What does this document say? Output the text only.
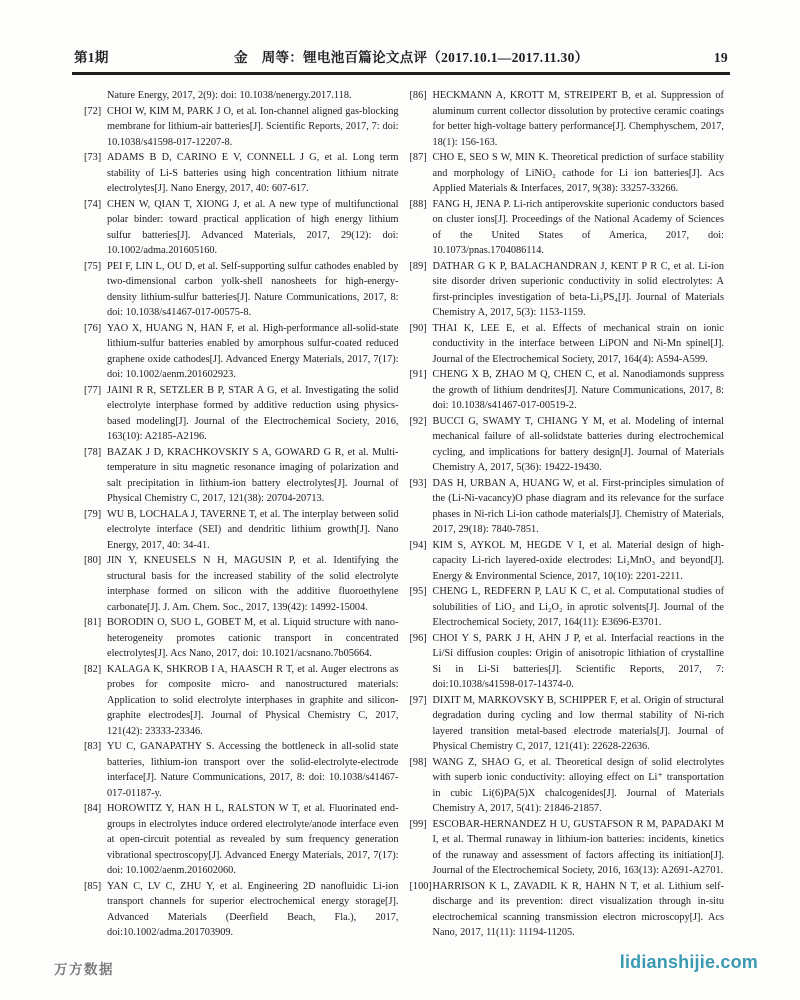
第1期	金　周等：锂电池百篇论文点评（2017.10.1—2017.11.30）	19
Nature Energy, 2017, 2(9): doi: 10.1038/nenergy.2017.118.
[72] CHOI W, KIM M, PARK J O, et al. Ion-channel aligned gas-blocking membrane for lithium-air batteries[J]. Scientific Reports, 2017, 7: doi: 10.1038/s41598-017-12207-8.
[73] ADAMS B D, CARINO E V, CONNELL J G, et al. Long term stability of Li-S batteries using high concentration lithium nitrate electrolytes[J]. Nano Energy, 2017, 40: 607-617.
[74] CHEN W, QIAN T, XIONG J, et al. A new type of multifunctional polar binder: toward practical application of high energy lithium sulfur batteries[J]. Advanced Materials, 2017, 29(12): doi: 10.1002/adma.201605160.
[75] PEI F, LIN L, OU D, et al. Self-supporting sulfur cathodes enabled by two-dimensional carbon yolk-shell nanosheets for high-energy-density lithium-sulfur batteries[J]. Nature Communications, 2017, 8: doi: 10.1038/s41467-017-00575-8.
[76] YAO X, HUANG N, HAN F, et al. High-performance all-solid-state lithium-sulfur batteries enabled by amorphous sulfur-coated reduced graphene oxide cathodes[J]. Advanced Energy Materials, 2017, 7(17): doi: 10.1002/aenm.201602923.
[77] JAINI R R, SETZLER B P, STAR A G, et al. Investigating the solid electrolyte interphase formed by additive reduction using physics-based modeling[J]. Journal of the Electrochemical Society, 2016, 163(10): A2185-A2196.
[78] BAZAK J D, KRACHKOVSKIY S A, GOWARD G R, et al. Multi-temperature in situ magnetic resonance imaging of polarization and salt precipitation in lithium-ion battery electrolytes[J]. Journal of Physical Chemistry C, 2017, 121(38): 20704-20713.
[79] WU B, LOCHALA J, TAVERNE T, et al. The interplay between solid electrolyte interface (SEI) and dendritic lithium growth[J]. Nano Energy, 2017, 40: 34-41.
[80] JIN Y, KNEUSELS N H, MAGUSIN P, et al. Identifying the structural basis for the increased stability of the solid electrolyte interphase formed on silicon with the additive fluoroethylene carbonate[J]. J. Am. Chem. Soc., 2017, 139(42): 14992-15004.
[81] BORODIN O, SUO L, GOBET M, et al. Liquid structure with nano-heterogeneity promotes cationic transport in concentrated electrolytes[J]. Acs Nano, 2017, doi: 10.1021/acsnano.7b05664.
[82] KALAGA K, SHKROB I A, HAASCH R T, et al. Auger electrons as probes for composite micro- and nanostructured materials: Application to solid electrolyte interphases in graphite and silicon-graphite electrodes[J]. Journal of Physical Chemistry C, 2017, 121(42): 23333-23346.
[83] YU C, GANAPATHY S. Accessing the bottleneck in all-solid state batteries, lithium-ion transport over the solid-electrolyte-electrode interface[J]. Nature Communications, 2017, 8: doi: 10.1038/s41467-017-01187-y.
[84] HOROWITZ Y, HAN H L, RALSTON W T, et al. Fluorinated end-groups in electrolytes induce ordered electrolyte/anode interface even at open-circuit potential as revealed by sum frequency generation vibrational spectroscopy[J]. Advanced Energy Materials, 2017, 7(17): doi: 10.1002/aenm.201602060.
[85] YAN C, LV C, ZHU Y, et al. Engineering 2D nanofluidic Li-ion transport channels for superior electrochemical energy storage[J]. Advanced Materials (Deerfield Beach, Fla.), 2017, doi:10.1002/adma.201703909.
[86] HECKMANN A, KROTT M, STREIPERT B, et al. Suppression of aluminum current collector dissolution by protective ceramic coatings for better high-voltage battery performance[J]. Chemphyschem, 2017, 18(1): 156-163.
[87] CHO E, SEO S W, MIN K. Theoretical prediction of surface stability and morphology of LiNiO₂ cathode for Li ion batteries[J]. Acs Applied Materials & Interfaces, 2017, 9(38): 33257-33266.
[88] FANG H, JENA P. Li-rich antiperovskite superionic conductors based on cluster ions[J]. Proceedings of the National Academy of Sciences of the United States of America, 2017, doi: 10.1073/pnas.1704086114.
[89] DATHAR G K P, BALACHANDRAN J, KENT P R C, et al. Li-ion site disorder driven superionic conductivity in solid electrolytes: A first-principles investigation of beta-Li₃PS₄[J]. Journal of Materials Chemistry A, 2017, 5(3): 1153-1159.
[90] THAI K, LEE E, et al. Effects of mechanical strain on ionic conductivity in the interface between LiPON and Ni-Mn spinel[J]. Journal of the Electrochemical Society, 2017, 164(4): A594-A599.
[91] CHENG X B, ZHAO M Q, CHEN C, et al. Nanodiamonds suppress the growth of lithium dendrites[J]. Nature Communications, 2017, 8: doi: 10.1038/s41467-017-00519-2.
[92] BUCCI G, SWAMY T, CHIANG Y M, et al. Modeling of internal mechanical failure of all-solidstate batteries during electrochemical cycling, and implications for battery design[J]. Journal of Materials Chemistry A, 2017, 5(36): 19422-19430.
[93] DAS H, URBAN A, HUANG W, et al. First-principles simulation of the (Li-Ni-vacancy)O phase diagram and its relevance for the surface phases in Ni-rich Li-ion cathode materials[J]. Chemistry of Materials, 2017, 29(18): 7840-7851.
[94] KIM S, AYKOL M, HEGDE V I, et al. Material design of high-capacity Li-rich layered-oxide electrodes: Li₂MnO₃ and beyond[J]. Energy & Environmental Science, 2017, 10(10): 2201-2211.
[95] CHENG L, REDFERN P, LAU K C, et al. Computational studies of solubilities of LiO₂ and Li₂O₂ in aprotic solvents[J]. Journal of the Electrochemical Society, 2017, 164(11): E3696-E3701.
[96] CHOI Y S, PARK J H, AHN J P, et al. Interfacial reactions in the Li/Si diffusion couples: Origin of anisotropic lithiation of crystalline Si in Li-Si batteries[J]. Scientific Reports, 2017, 7: doi:10.1038/s41598-017-14374-0.
[97] DIXIT M, MARKOVSKY B, SCHIPPER F, et al. Origin of structural degradation during cycling and low thermal stability of Ni-rich layered transition metal-based electrode materials[J]. Journal of Physical Chemistry C, 2017, 121(41): 22628-22636.
[98] WANG Z, SHAO G, et al. Theoretical design of solid electrolytes with superb ionic conductivity: alloying effect on Li⁺ transportation in cubic Li(6)PA(5)X chalcogenides[J]. Journal of Materials Chemistry A, 2017, 5(41): 21846-21857.
[99] ESCOBAR-HERNANDEZ H U, GUSTAFSON R M, PAPADAKI M I, et al. Thermal runaway in lithium-ion batteries: incidents, kinetics of the runaway and assessment of factors affecting its initiation[J]. Journal of the Electrochemical Society, 2016, 163(13): A2691-A2701.
[100] HARRISON K L, ZAVADIL K R, HAHN N T, et al. Lithium self-discharge and its prevention: direct visualization through in-situ electrochemical scanning transmission electron microscopy[J]. Acs Nano, 2017, 11(11): 11194-11205.
万方数据	lidianshijie.com
